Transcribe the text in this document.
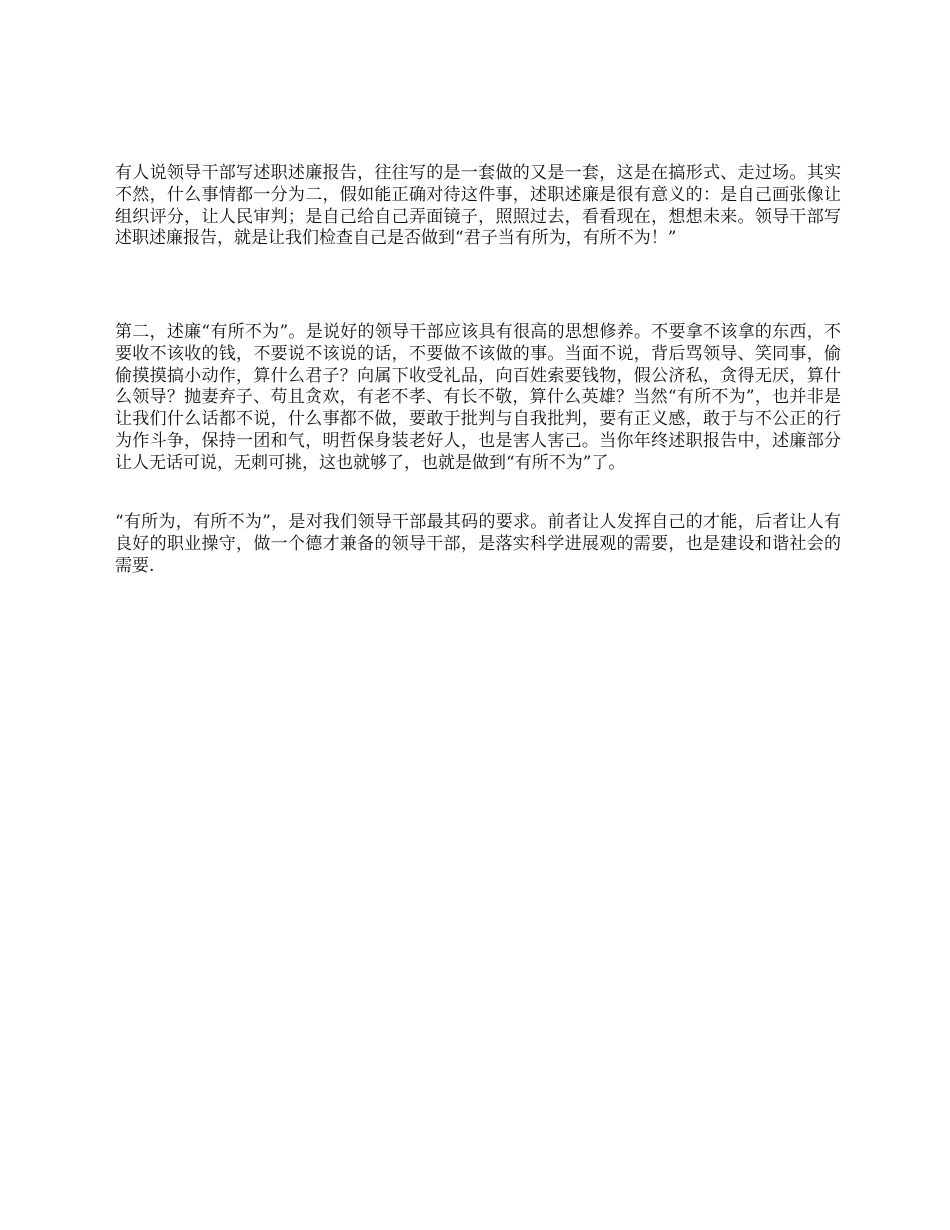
有人说领导干部写述职述廉报告，往往写的是一套做的又是一套，这是在搞形式、走过场。其实不然，什么事情都一分为二，假如能正确对待这件事，述职述廉是很有意义的：是自己画张像让组织评分，让人民审判；是自己给自己弄面镜子，照照过去，看看现在，想想未来。领导干部写述职述廉报告，就是让我们检查自己是否做到“君子当有所为，有所不为！”

第二，述廉“有所不为”。是说好的领导干部应该具有很高的思想修养。不要拿不该拿的东西，不要收不该收的钱，不要说不该说的话，不要做不该做的事。当面不说，背后骂领导、笑同事，偷偷摸摸搞小动作，算什么君子？向属下收受礼品，向百姓索要钱物，假公济私，贪得无厌，算什么领导？抛妻弃子、苟且贪欢，有老不孝、有长不敬，算什么英雄？当然“有所不为”，也并非是让我们什么话都不说，什么事都不做，要敢于批判与自我批判，要有正义感，敢于与不公正的行为作斗争，保持一团和气，明哲保身装老好人，也是害人害己。当你年终述职报告中，述廉部分让人无话可说，无刺可挑，这也就够了，也就是做到“有所不为”了。

“有所为，有所不为”，是对我们领导干部最其码的要求。前者让人发挥自己的才能，后者让人有良好的职业操守，做一个德才兼备的领导干部，是落实科学进展观的需要，也是建设和谐社会的需要.
